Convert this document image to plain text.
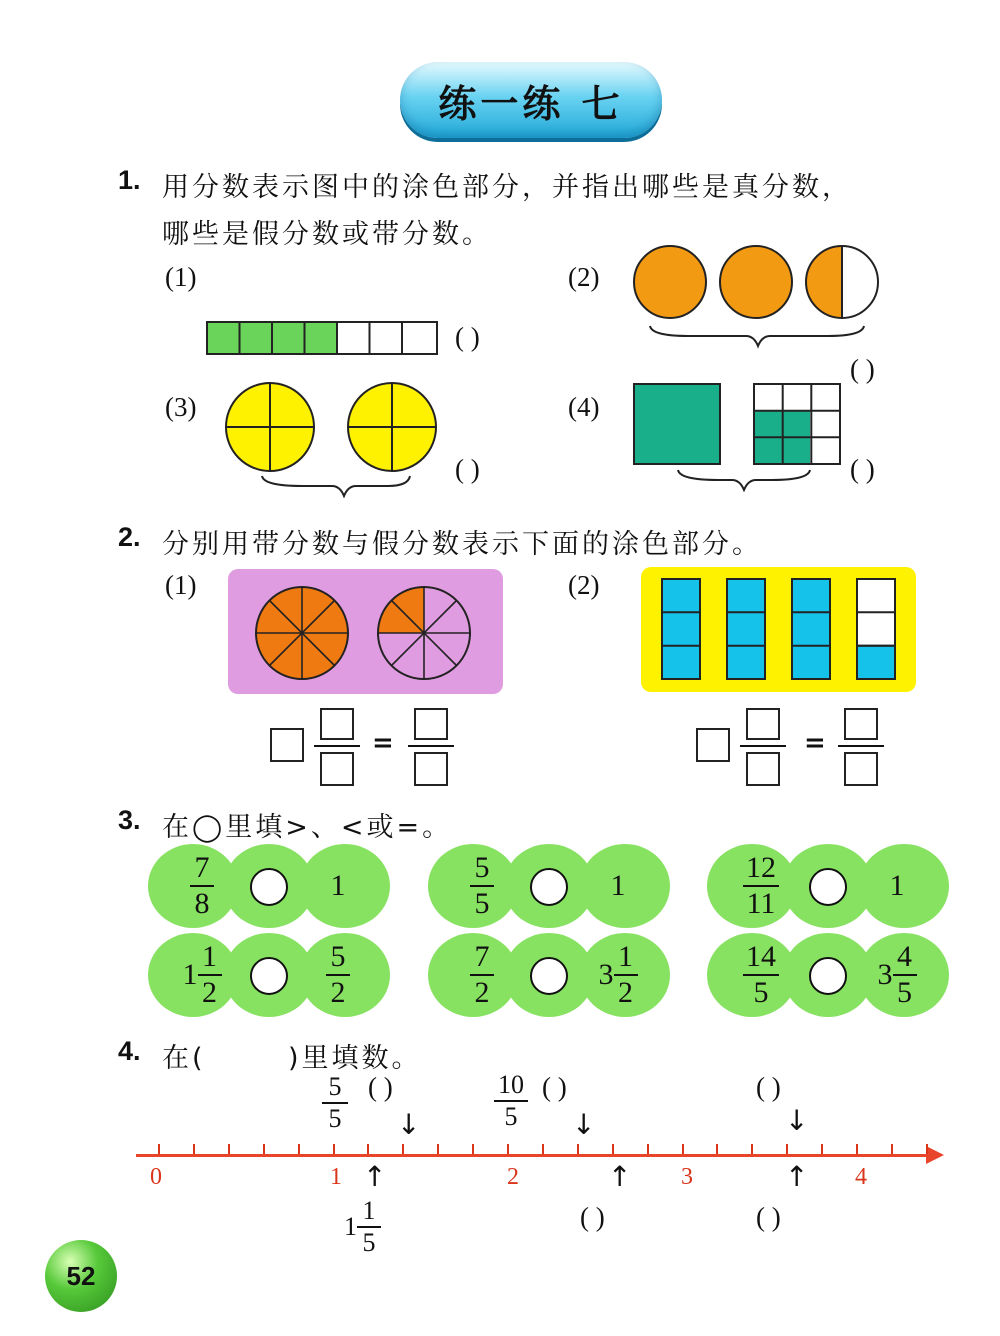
练一练 七
1. 用分数表示图中的涂色部分，并指出哪些是真分数，
哪些是假分数或带分数。
(1)	(2)
(3)	(4)
( )
( )
( )	( )
2. 分别用带分数与假分数表示下面的涂色部分。
(1)	(2)
=	=
3. 在◯里填>、<或=。
$\frac{7}{8}$	1	$\frac{5}{5}$	1	$\frac{12}{11}$	1
$1 \frac{1}{2}$	$\frac{5}{2}$	$\frac{7}{2}$	$3 \frac{1}{2}$	$\frac{14}{5}$	$3 \frac{4}{5}$
4. 在(	)里填数。
5
5
( )	10
5
( )	( )
↓	↓	↓
0	1	2	3	4
↑	↑	↑
$1 \frac{1}{5}$	( )	( )
52
